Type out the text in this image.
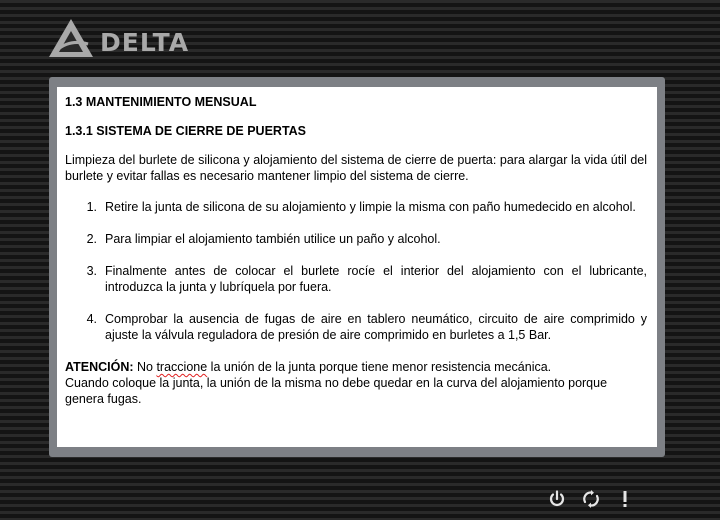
DELTA

1.3 MANTENIMIENTO MENSUAL

1.3.1 SISTEMA DE CIERRE DE PUERTAS

Limpieza del burlete de silicona y alojamiento del sistema de cierre de puerta: para alargar la vida útil del burlete y evitar fallas es necesario mantener limpio del sistema de cierre.

1. Retire la junta de silicona de su alojamiento y limpie la misma con paño humedecido en alcohol.
2. Para limpiar el alojamiento también utilice un paño y alcohol.
3. Finalmente antes de colocar el burlete rocíe el interior del alojamiento con el lubricante, introduzca la junta y lubríquela por fuera.
4. Comprobar la ausencia de fugas de aire en tablero neumático, circuito de aire comprimido y ajuste la válvula reguladora de presión de aire comprimido en burletes a 1,5 Bar.

ATENCIÓN: No traccione la unión de la junta porque tiene menor resistencia mecánica.
Cuando coloque la junta, la unión de la misma no debe quedar en la curva del alojamiento porque genera fugas.
